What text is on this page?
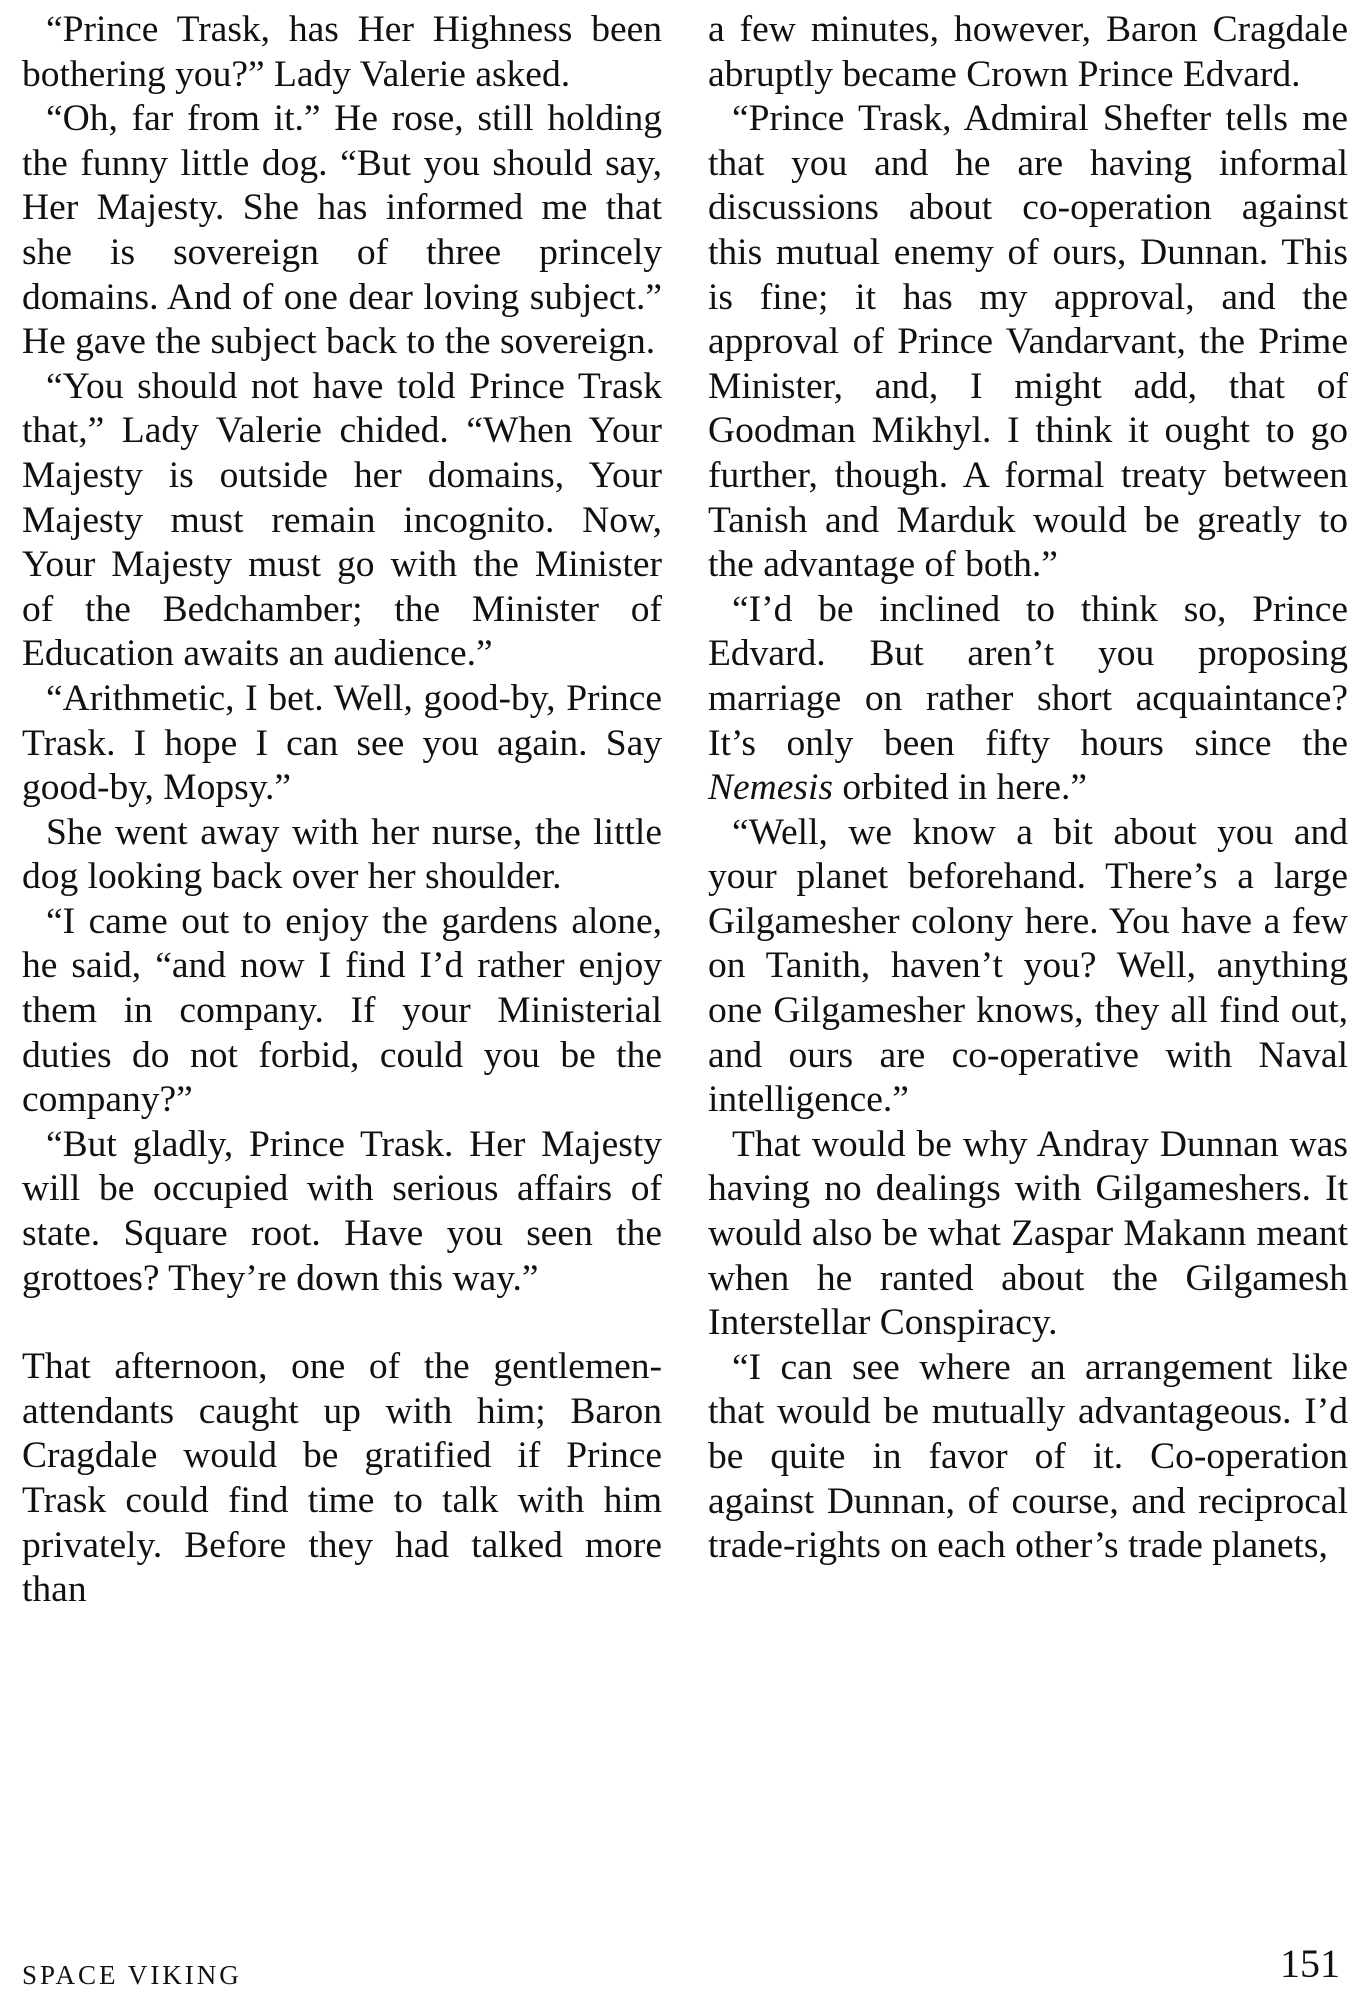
“Prince Trask, has Her Highness been bothering you?” Lady Valerie asked.

“Oh, far from it.” He rose, still holding the funny little dog. “But you should say, Her Majesty. She has informed me that she is sovereign of three princely domains. And of one dear loving subject.” He gave the subject back to the sovereign.

“You should not have told Prince Trask that,” Lady Valerie chided. “When Your Majesty is outside her domains, Your Majesty must remain incognito. Now, Your Majesty must go with the Minister of the Bedchamber; the Minister of Education awaits an audience.”

“Arithmetic, I bet. Well, good-by, Prince Trask. I hope I can see you again. Say good-by, Mopsy.”

She went away with her nurse, the little dog looking back over her shoulder.

“I came out to enjoy the gardens alone, he said, “and now I find I’d rather enjoy them in company. If your Ministerial duties do not forbid, could you be the company?”

“But gladly, Prince Trask. Her Majesty will be occupied with serious affairs of state. Square root. Have you seen the grottoes? They’re down this way.”

That afternoon, one of the gentlemen-attendants caught up with him; Baron Cragdale would be gratified if Prince Trask could find time to talk with him privately. Before they had talked more than

a few minutes, however, Baron Cragdale abruptly became Crown Prince Edvard.

“Prince Trask, Admiral Shefter tells me that you and he are having informal discussions about co-operation against this mutual enemy of ours, Dunnan. This is fine; it has my approval, and the approval of Prince Vandarvant, the Prime Minister, and, I might add, that of Goodman Mikhyl. I think it ought to go further, though. A formal treaty between Tanish and Marduk would be greatly to the advantage of both.”

“I’d be inclined to think so, Prince Edvard. But aren’t you proposing marriage on rather short acquaintance? It’s only been fifty hours since the Nemesis orbited in here.”

“Well, we know a bit about you and your planet beforehand. There’s a large Gilgamesher colony here. You have a few on Tanith, haven’t you? Well, anything one Gilgamesher knows, they all find out, and ours are co-operative with Naval intelligence.”

That would be why Andray Dunnan was having no dealings with Gilgameshers. It would also be what Zaspar Makann meant when he ranted about the Gilgamesh Interstellar Conspiracy.

“I can see where an arrangement like that would be mutually advantageous. I’d be quite in favor of it. Co-operation against Dunnan, of course, and reciprocal trade-rights on each other’s trade planets,

SPACE VIKING	151
